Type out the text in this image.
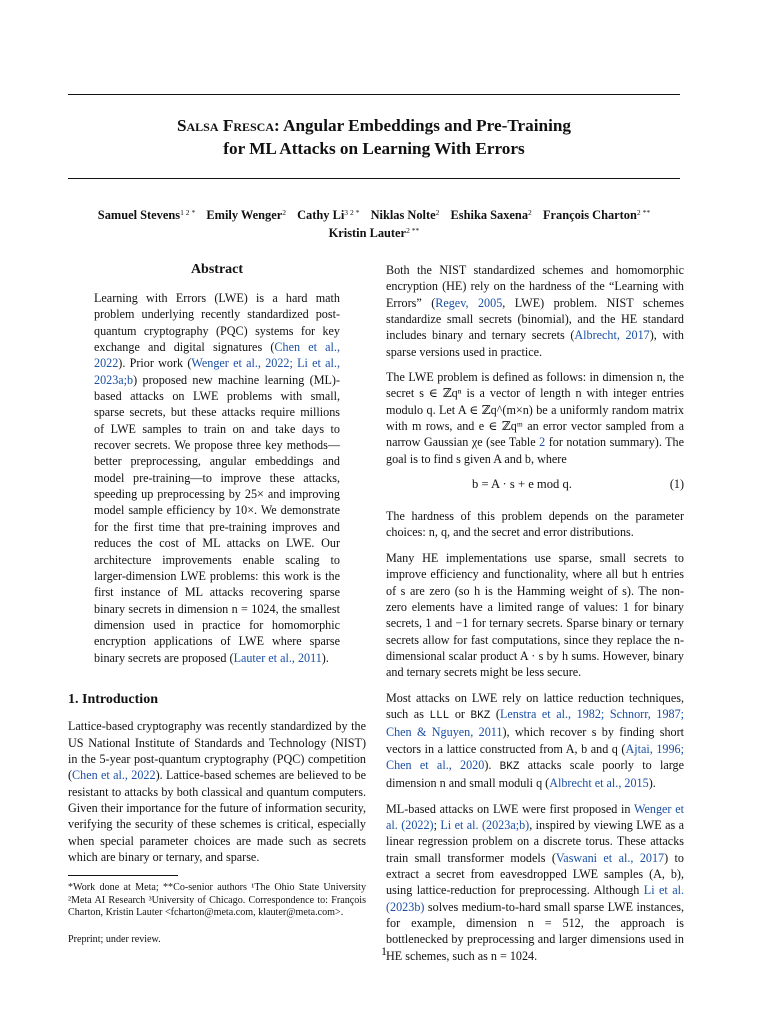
Salsa Fresca: Angular Embeddings and Pre-Training
for ML Attacks on Learning With Errors
Samuel Stevens$^{1 2 *}$ Emily Wenger$^2$ Cathy $Li^{3 2 *}$ Niklas Nolte$^2$ Eshika Saxena$^2$ François Charton$^{2 **}$
Kristin Lauter$^{2 **}$
Abstract
Learning with Errors (LWE) is a hard math problem underlying recently standardized post-quantum cryptography (PQC) systems for key exchange and digital signatures (Chen et al., 2022). Prior work (Wenger et al., 2022; Li et al., 2023a;b) proposed new machine learning (ML)-based attacks on LWE problems with small, sparse secrets, but these attacks require millions of LWE samples to train on and take days to recover secrets. We propose three key methods—better preprocessing, angular embeddings and model pre-training—to improve these attacks, speeding up preprocessing by 25× and improving model sample efficiency by 10×. We demonstrate for the first time that pre-training improves and reduces the cost of ML attacks on LWE. Our architecture improvements enable scaling to larger-dimension LWE problems: this work is the first instance of ML attacks recovering sparse binary secrets in dimension n = 1024, the smallest dimension used in practice for homomorphic encryption applications of LWE where sparse binary secrets are proposed (Lauter et al., 2011).
1. Introduction

Lattice-based cryptography was recently standardized by the US National Institute of Standards and Technology (NIST) in the 5-year post-quantum cryptography (PQC) competition (Chen et al., 2022). Lattice-based schemes are believed to be resistant to attacks by both classical and quantum computers. Given their importance for the future of information security, verifying the security of these schemes is critical, especially when special parameter choices are made such as secrets which are binary or ternary, and sparse.

*Work done at Meta; **Co-senior authors ¹The Ohio State University ²Meta AI Research ³University of Chicago. Correspondence to: François Charton, Kristin Lauter <fcharton@meta.com, klauter@meta.com>.
Preprint; under review.

Both the NIST standardized schemes and homomorphic encryption (HE) rely on the hardness of the “Learning with Errors” (Regev, 2005, LWE) problem. NIST schemes standardize small secrets (binomial), and the HE standard includes binary and ternary secrets (Albrecht, 2017), with sparse versions used in practice.

The LWE problem is defined as follows: in dimension n, the secret s ∈ ℤqⁿ is a vector of length n with integer entries modulo q. Let A ∈ ℤq^(m×n) be a uniformly random matrix with m rows, and e ∈ ℤqᵐ an error vector sampled from a narrow Gaussian χe (see Table 2 for notation summary). The goal is to find s given A and b, where

b = A · s + e mod q.	(1)

The hardness of this problem depends on the parameter choices: n, q, and the secret and error distributions.

Many HE implementations use sparse, small secrets to improve efficiency and functionality, where all but h entries of s are zero (so h is the Hamming weight of s). The non-zero elements have a limited range of values: 1 for binary secrets, 1 and −1 for ternary secrets. Sparse binary or ternary secrets allow for fast computations, since they replace the n-dimensional scalar product A · s by h sums. However, binary and ternary secrets might be less secure.

Most attacks on LWE rely on lattice reduction techniques, such as LLL or BKZ (Lenstra et al., 1982; Schnorr, 1987; Chen & Nguyen, 2011), which recover s by finding short vectors in a lattice constructed from A, b and q (Ajtai, 1996; Chen et al., 2020). BKZ attacks scale poorly to large dimension n and small moduli q (Albrecht et al., 2015).

ML-based attacks on LWE were first proposed in Wenger et al. (2022); Li et al. (2023a;b), inspired by viewing LWE as a linear regression problem on a discrete torus. These attacks train small transformer models (Vaswani et al., 2017) to extract a secret from eavesdropped LWE samples (A, b), using lattice-reduction for preprocessing. Although Li et al. (2023b) solves medium-to-hard small sparse LWE instances, for example, dimension n = 512, the approach is bottlenecked by preprocessing and larger dimensions used in HE schemes, such as n = 1024.

1
